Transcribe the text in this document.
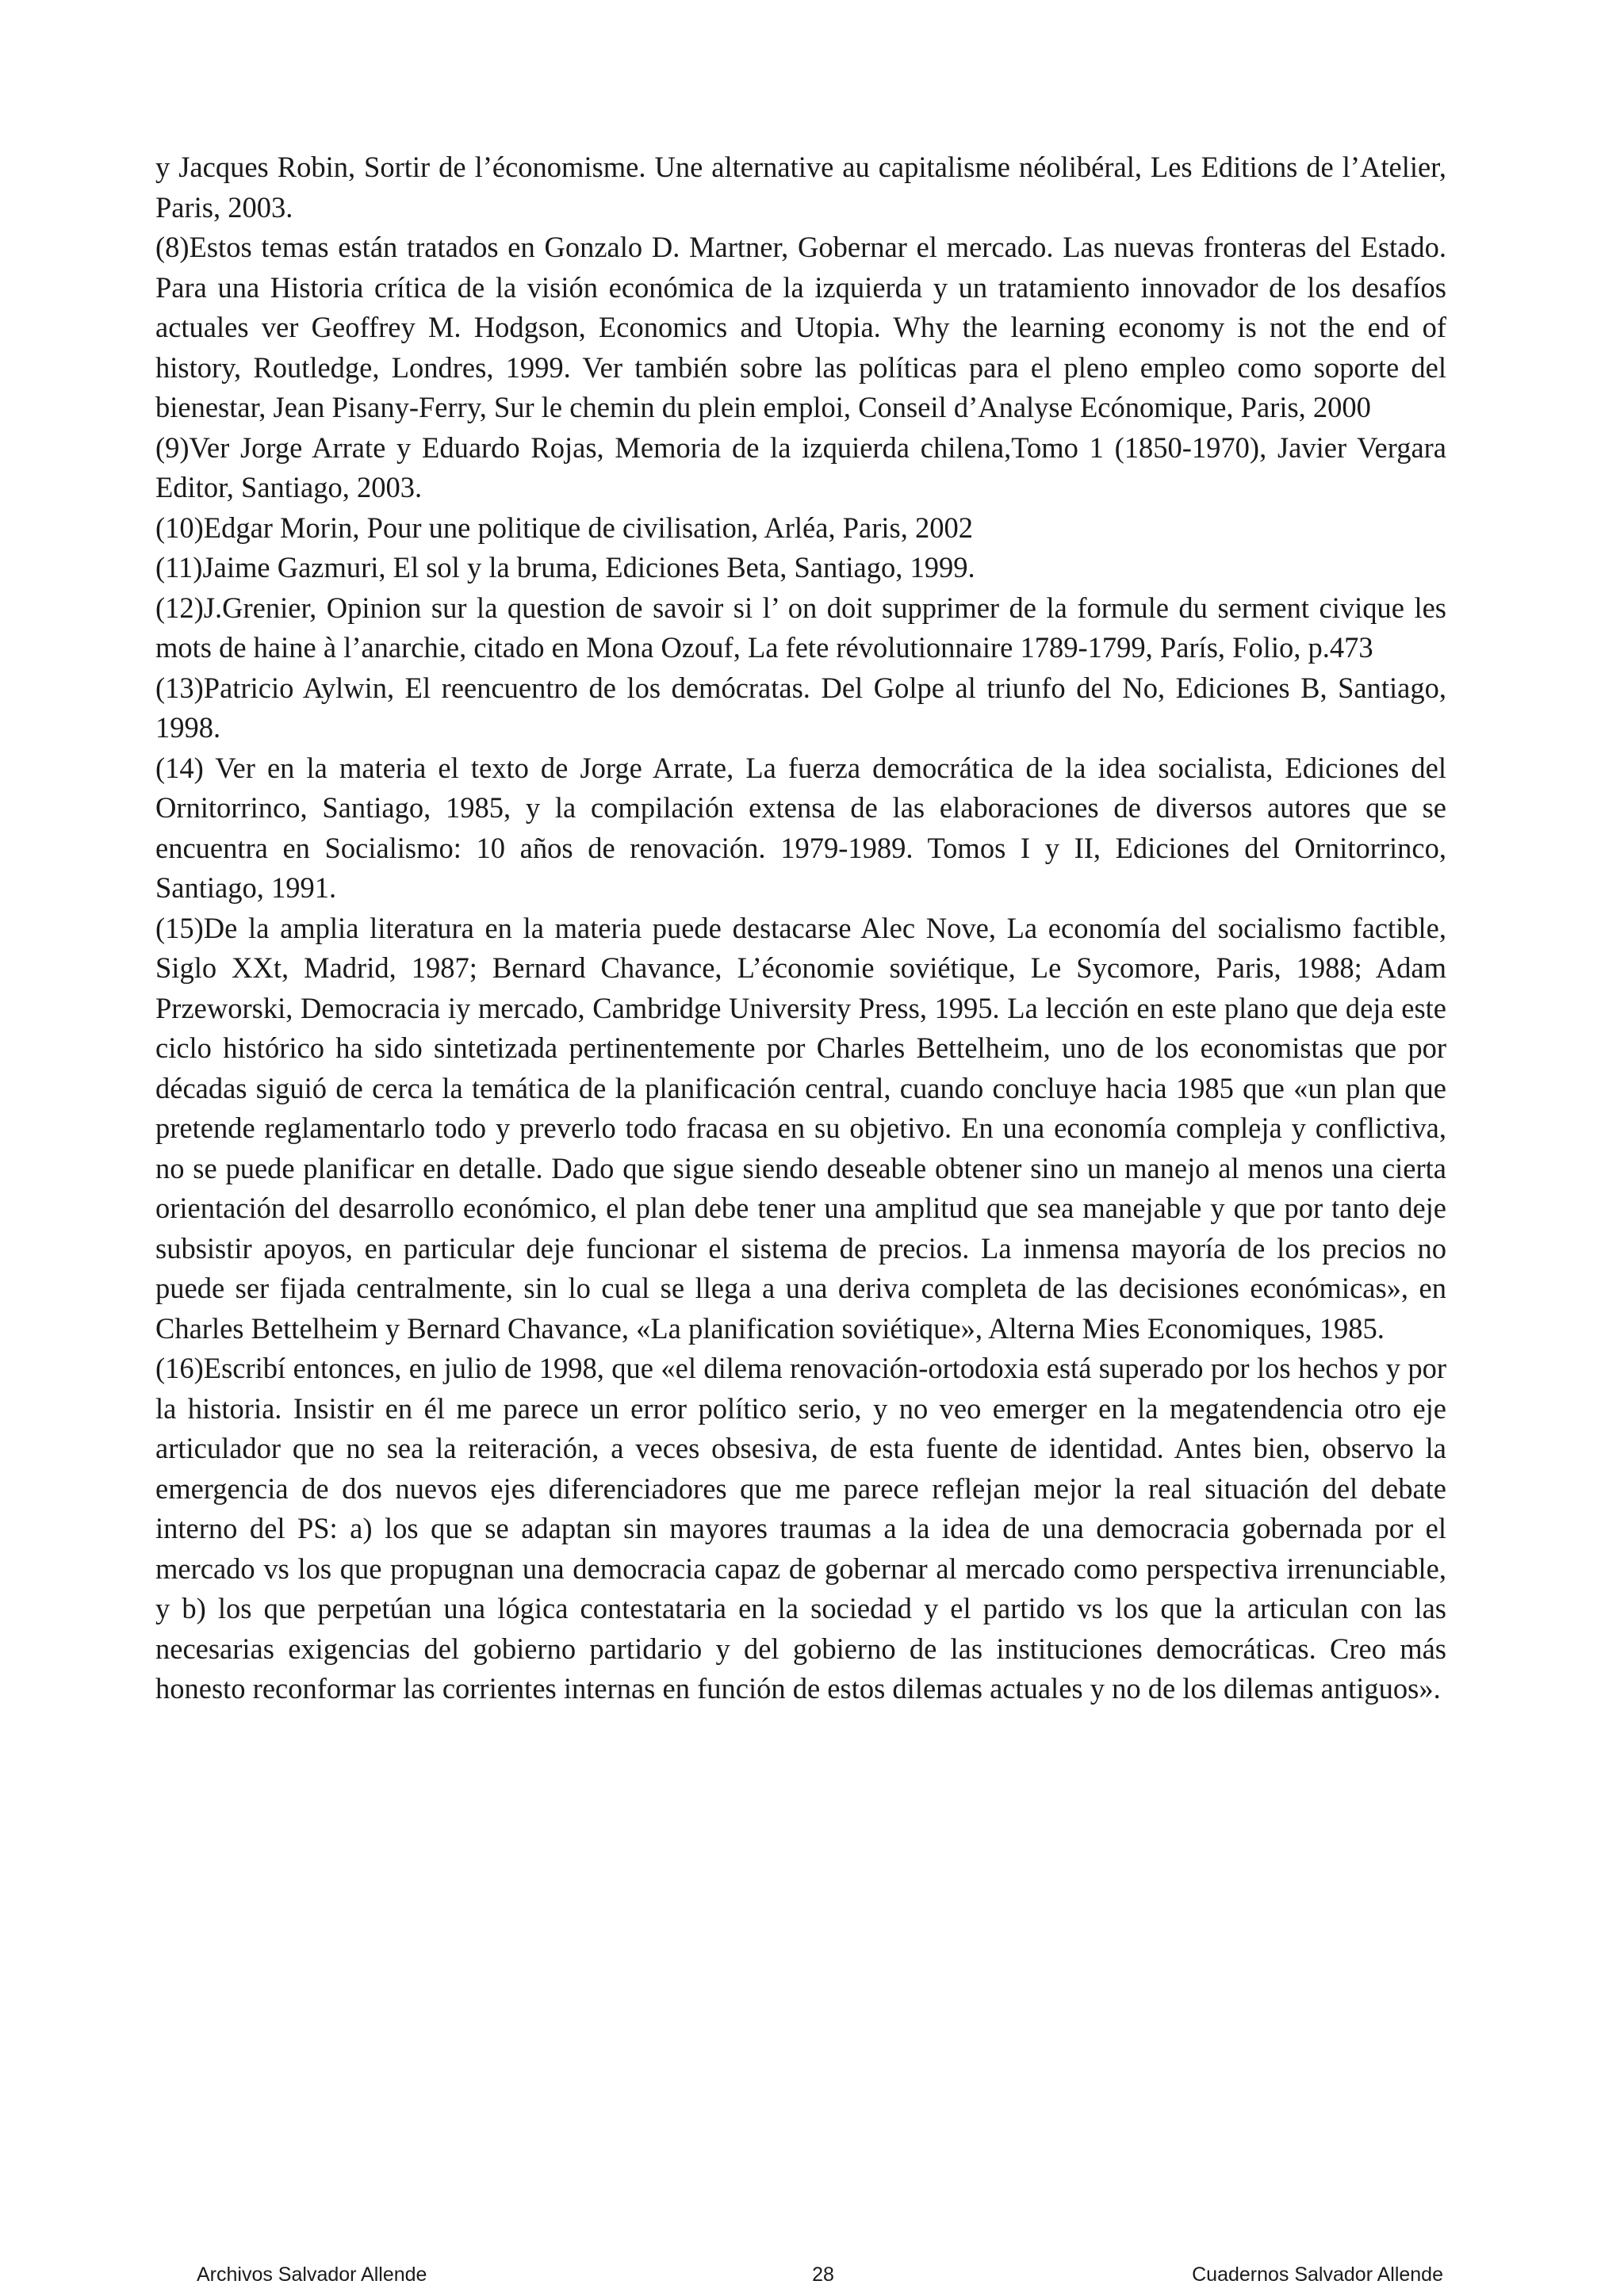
y Jacques Robin, Sortir de l’économisme. Une alternative au capitalisme néolibéral, Les Editions de l’Atelier, Paris, 2003.

(8)Estos temas están tratados en Gonzalo D. Martner, Gobernar el mercado. Las nuevas fronteras del Estado. Para una Historia crítica de la visión económica de la izquierda y un tratamiento innovador de los desafíos actuales ver Geoffrey M. Hodgson, Economics and Utopia. Why the learning economy is not the end of history, Routledge, Londres, 1999. Ver también sobre las políticas para el pleno empleo como soporte del bienestar, Jean Pisany-Ferry, Sur le chemin du plein emploi, Conseil d’Analyse Ecónomique, Paris, 2000

(9)Ver Jorge Arrate y Eduardo Rojas, Memoria de la izquierda chilena,Tomo 1 (1850-1970), Javier Vergara Editor, Santiago, 2003.

(10)Edgar Morin, Pour une politique de civilisation, Arléa, Paris, 2002

(11)Jaime Gazmuri, El sol y la bruma, Ediciones Beta, Santiago, 1999.

(12)J.Grenier, Opinion sur la question de savoir si l’ on doit supprimer de la formule du serment civique les mots de haine à l’anarchie, citado en Mona Ozouf, La fete révolutionnaire 1789-1799, París, Folio, p.473

(13)Patricio Aylwin, El reencuentro de los demócratas. Del Golpe al triunfo del No, Ediciones B, Santiago, 1998.

(14) Ver en la materia el texto de Jorge Arrate, La fuerza democrática de la idea socialista, Ediciones del Ornitorrinco, Santiago, 1985, y la compilación extensa de las elaboraciones de diversos autores que se encuentra en Socialismo: 10 años de renovación. 1979-1989. Tomos I y II, Ediciones del Ornitorrinco, Santiago, 1991.

(15)De la amplia literatura en la materia puede destacarse Alec Nove, La economía del socialismo factible, Siglo XXt, Madrid, 1987; Bernard Chavance, L’économie soviétique, Le Sycomore, Paris, 1988; Adam Przeworski, Democracia iy mercado, Cambridge University Press, 1995. La lección en este plano que deja este ciclo histórico ha sido sintetizada pertinentemente por Charles Bettelheim, uno de los economistas que por décadas siguió de cerca la temática de la planificación central, cuando concluye hacia 1985 que «un plan que pretende reglamentarlo todo y preverlo todo fracasa en su objetivo. En una economía compleja y conflictiva, no se puede planificar en detalle. Dado que sigue siendo deseable obtener sino un manejo al menos una cierta orientación del desarrollo económico, el plan debe tener una amplitud que sea manejable y que por tanto deje subsistir apoyos, en particular deje funcionar el sistema de precios. La inmensa mayoría de los precios no puede ser fijada centralmente, sin lo cual se llega a una deriva completa de las decisiones económicas», en Charles Bettelheim y Bernard Chavance, «La planification soviétique», Alterna Mies Economiques, 1985.

(16)Escribí entonces, en julio de 1998, que «el dilema renovación-ortodoxia está superado por los hechos y por la historia. Insistir en él me parece un error político serio, y no veo emerger en la megatendencia otro eje articulador que no sea la reiteración, a veces obsesiva, de esta fuente de identidad. Antes bien, observo la emergencia de dos nuevos ejes diferenciadores que me parece reflejan mejor la real situación del debate interno del PS: a) los que se adaptan sin mayores traumas a la idea de una democracia gobernada por el mercado vs los que propugnan una democracia capaz de gobernar al mercado como perspectiva irrenunciable, y b) los que perpetúan una lógica contestataria en la sociedad y el partido vs los que la articulan con las necesarias exigencias del gobierno partidario y del gobierno de las instituciones democráticas. Creo más honesto reconformar las corrientes internas en función de estos dilemas actuales y no de los dilemas antiguos».

Archivos Salvador Allende	28	Cuadernos Salvador Allende
